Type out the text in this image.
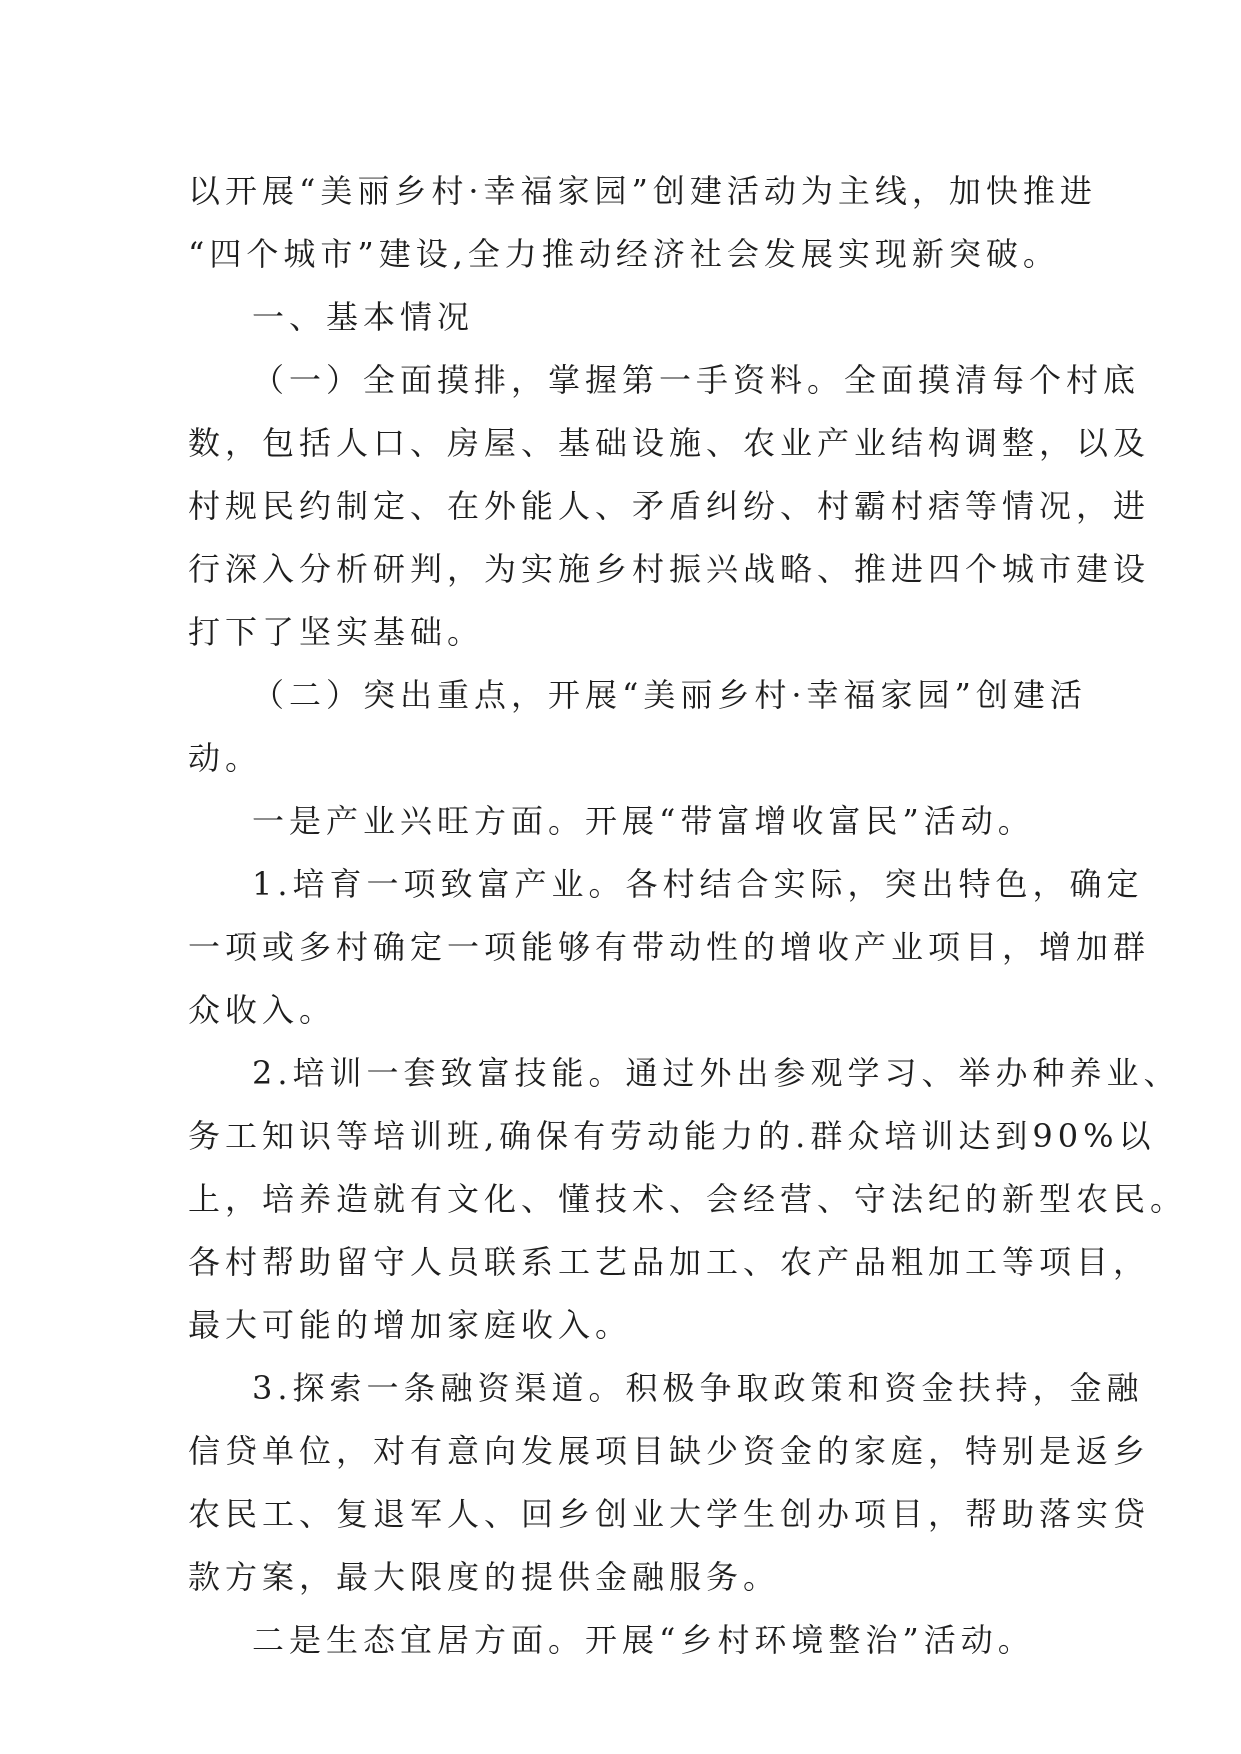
以开展“美丽乡村·幸福家园”创建活动为主线，加快推进
“四个城市”建设,全力推动经济社会发展实现新突破。
一、基本情况
（一）全面摸排，掌握第一手资料。全面摸清每个村底
数，包括人口、房屋、基础设施、农业产业结构调整，以及
村规民约制定、在外能人、矛盾纠纷、村霸村痞等情况，进
行深入分析研判，为实施乡村振兴战略、推进四个城市建设
打下了坚实基础。
（二）突出重点，开展“美丽乡村·幸福家园”创建活
动。
一是产业兴旺方面。开展“带富增收富民”活动。
1.培育一项致富产业。各村结合实际，突出特色，确定
一项或多村确定一项能够有带动性的增收产业项目，增加群
众收入。
2.培训一套致富技能。通过外出参观学习、举办种养业、
务工知识等培训班,确保有劳动能力的.群众培训达到90%以
上，培养造就有文化、懂技术、会经营、守法纪的新型农民。
各村帮助留守人员联系工艺品加工、农产品粗加工等项目，
最大可能的增加家庭收入。
3.探索一条融资渠道。积极争取政策和资金扶持，金融
信贷单位，对有意向发展项目缺少资金的家庭，特别是返乡
农民工、复退军人、回乡创业大学生创办项目，帮助落实贷
款方案，最大限度的提供金融服务。
二是生态宜居方面。开展“乡村环境整治”活动。
